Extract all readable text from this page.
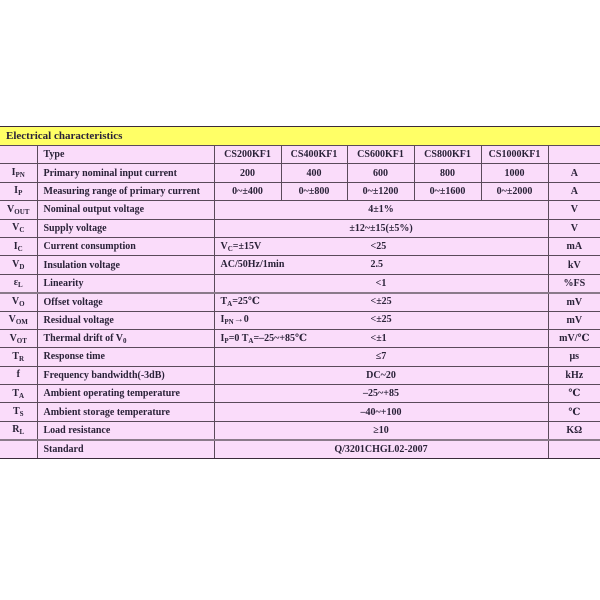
Electrical characteristics							
	Type	CS200KF1	CS400KF1	CS600KF1	CS800KF1	CS1000KF1	
$I_{PN}$	Primary nominal input current	200	400	600	800	1000	A
$I_P$	Measuring range of primary current	0~±400	0~±800	0~±1200	0~±1600	0~±2000	A
$V_{OUT}$	Nominal output voltage	4±1%					V
$V_C$	Supply voltage	±12~±15(±5%)					V
$I_C$	Current consumption	$V_C=\pm 15V <25$					mA
$V_D$	Insulation voltage	AC/50Hz/1min 2.5					kV
$\varepsilon_L$	Linearity	<1					%FS
$V_O$	Offset voltage	$T_A=25℃ <\pm 25$					mV
$V_{OM}$	Residual voltage	$I_{PN}\to 0 <\pm 25$					mV
$V_{OT}$	Thermal drift of $V_0$	$I_P=0$ $T_A=-25\sim+85℃ <\pm 1$					mV/℃
$T_R$	Response time	≤7					μs
f	Frequency bandwidth(-3dB)	DC~20					kHz
$T_A$	Ambient operating temperature	–25~+85					℃
$T_S$	Ambient storage temperature	–40~+100					℃
$R_L$	Load resistance	≥10					KΩ
	Standard	Q/3201CHGL02-2007					
